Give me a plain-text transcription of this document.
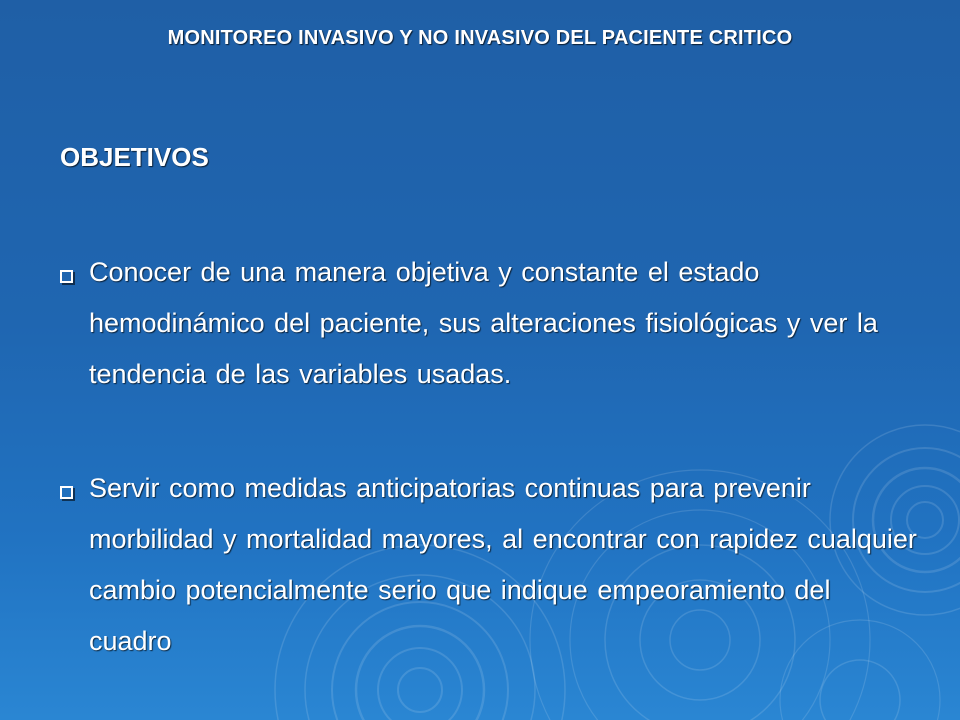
MONITOREO INVASIVO Y NO INVASIVO DEL PACIENTE CRITICO
OBJETIVOS
Conocer de una manera objetiva y constante el estado hemodinámico del paciente, sus alteraciones fisiológicas y ver la tendencia de las variables usadas.
Servir como medidas anticipatorias continuas para prevenir morbilidad y mortalidad mayores, al encontrar con rapidez cualquier cambio potencialmente serio que indique empeoramiento del cuadro
